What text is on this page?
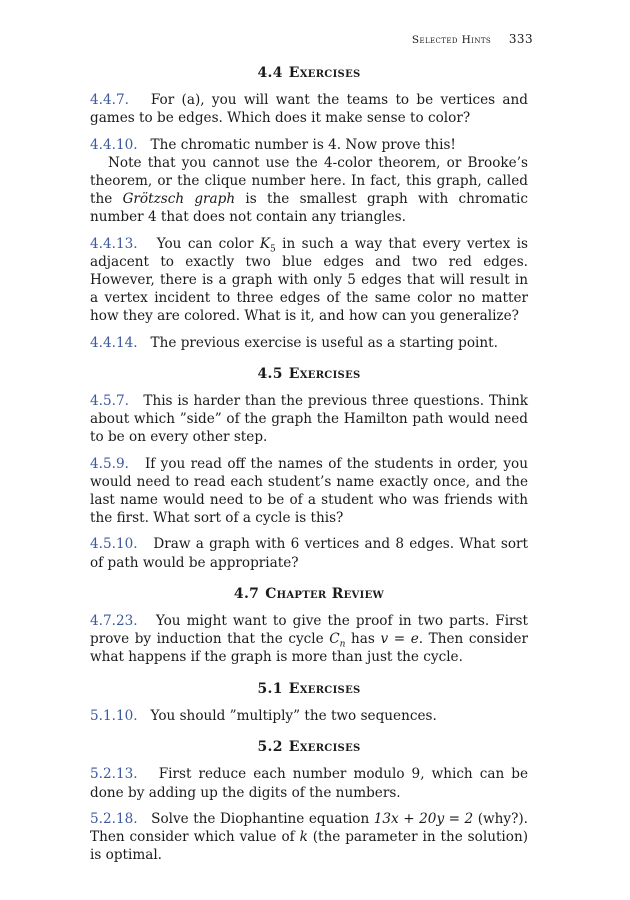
Selected Hints 333
4.4 Exercises

4.4.7. For (a), you will want the teams to be vertices and games to be edges. Which does it make sense to color?

4.4.10. The chromatic number is 4. Now prove this!

Note that you cannot use the 4-color theorem, or Brooke’s theorem, or the clique number here. In fact, this graph, called the Grötzsch graph is the smallest graph with chromatic number 4 that does not contain any triangles.

4.4.13. You can color $K_5$ in such a way that every vertex is adjacent to exactly two blue edges and two red edges. However, there is a graph with only 5 edges that will result in a vertex incident to three edges of the same color no matter how they are colored. What is it, and how can you generalize?

4.4.14. The previous exercise is useful as a starting point.

4.5 Exercises

4.5.7. This is harder than the previous three questions. Think about which ”side” of the graph the Hamilton path would need to be on every other step.

4.5.9. If you read off the names of the students in order, you would need to read each student’s name exactly once, and the last name would need to be of a student who was friends with the first. What sort of a cycle is this?

4.5.10. Draw a graph with 6 vertices and 8 edges. What sort of path would be appropriate?

4.7 Chapter Review

4.7.23. You might want to give the proof in two parts. First prove by induction that the cycle $C_n$ has v = e. Then consider what happens if the graph is more than just the cycle.

5.1 Exercises

5.1.10. You should ”multiply” the two sequences.

5.2 Exercises

5.2.13. First reduce each number modulo 9, which can be done by adding up the digits of the numbers.

5.2.18. Solve the Diophantine equation 13x + 20y = 2 (why?). Then consider which value of k (the parameter in the solution) is optimal.
